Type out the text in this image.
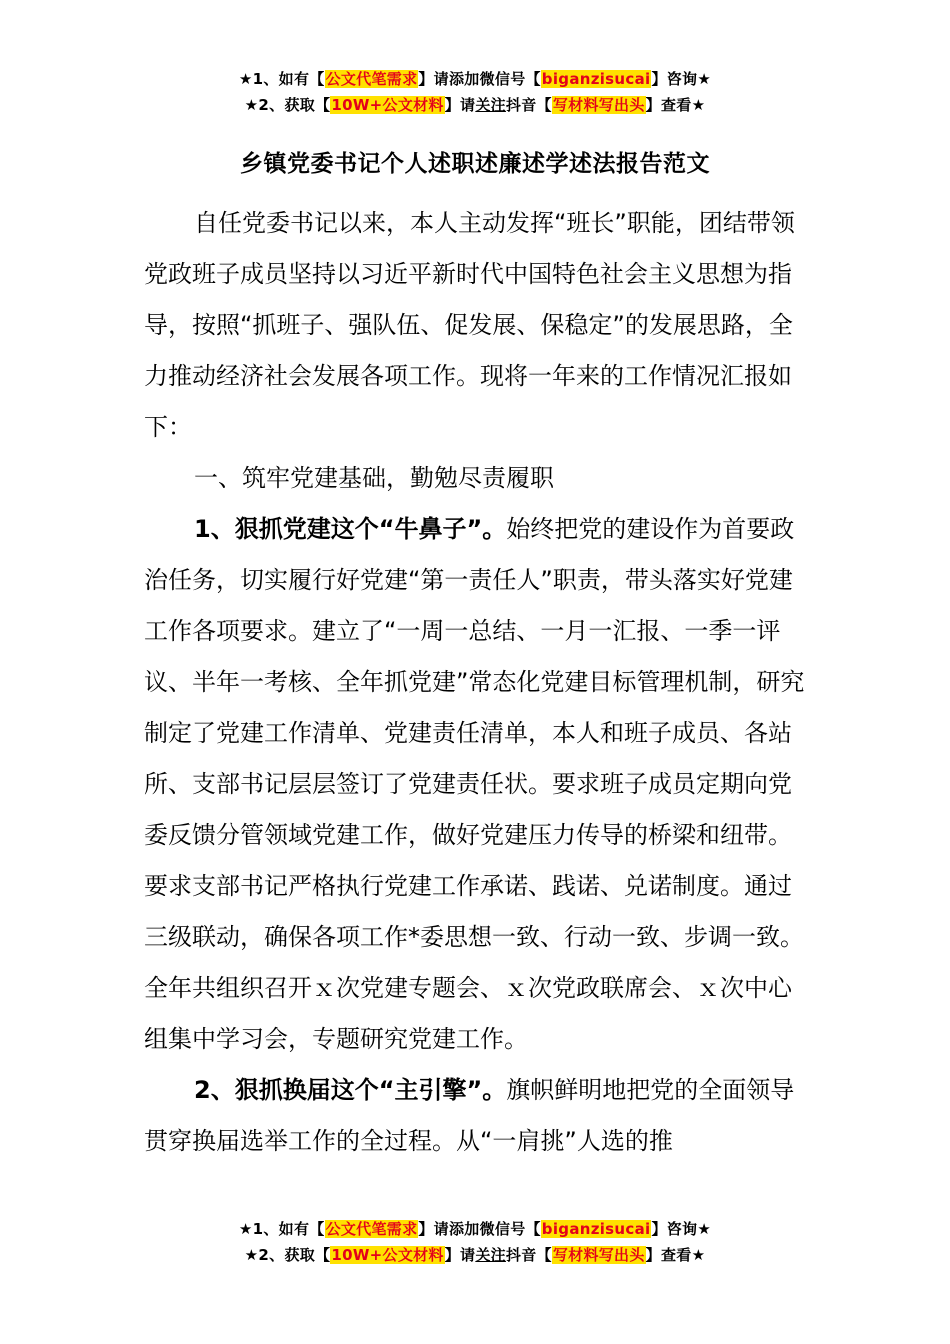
★1、如有【公文代笔需求】请添加微信号【biganzisucai】咨询★
★2、获取【10W+公文材料】请关注抖音【写材料写出头】查看★
乡镇党委书记个人述职述廉述学述法报告范文

自任党委书记以来，本人主动发挥“班长”职能，团结带领党政班子成员坚持以习近平新时代中国特色社会主义思想为指导，按照“抓班子、强队伍、促发展、保稳定”的发展思路，全力推动经济社会发展各项工作。现将一年来的工作情况汇报如下：

一、筑牢党建基础，勤勉尽责履职

1、狠抓党建这个“牛鼻子”。始终把党的建设作为首要政治任务，切实履行好党建“第一责任人”职责，带头落实好党建工作各项要求。建立了“一周一总结、一月一汇报、一季一评议、半年一考核、全年抓党建”常态化党建目标管理机制，研究制定了党建工作清单、党建责任清单，本人和班子成员、各站所、支部书记层层签订了党建责任状。要求班子成员定期向党委反馈分管领域党建工作，做好党建压力传导的桥梁和纽带。要求支部书记严格执行党建工作承诺、践诺、兑诺制度。通过三级联动，确保各项工作*委思想一致、行动一致、步调一致。全年共组织召开ｘ次党建专题会、ｘ次党政联席会、ｘ次中心组集中学习会，专题研究党建工作。

2、狠抓换届这个“主引擎”。旗帜鲜明地把党的全面领导贯穿换届选举工作的全过程。从“一肩挑”人选的推

★1、如有【公文代笔需求】请添加微信号【biganzisucai】咨询★
★2、获取【10W+公文材料】请关注抖音【写材料写出头】查看★
